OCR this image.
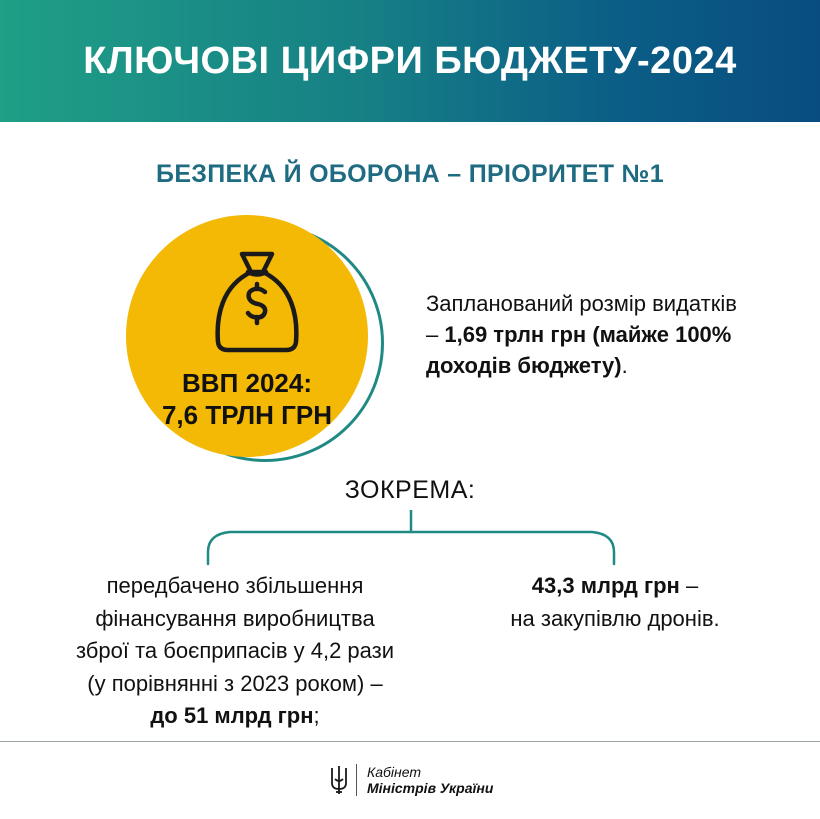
КЛЮЧОВІ ЦИФРИ БЮДЖЕТУ-2024
БЕЗПЕКА Й ОБОРОНА – ПРІОРИТЕТ №1
ВВП 2024:
7,6 ТРЛН ГРН
Запланований розмір видатків – 1,69 трлн грн (майже 100% доходів бюджету).
ЗОКРЕМА:
передбачено збільшення
фінансування виробництва
зброї та боєприпасів у 4,2 рази
(у порівнянні з 2023 роком) –
до 51 млрд грн;
43,3 млрд грн –
на закупівлю дронів.
Кабінет
Міністрів України
